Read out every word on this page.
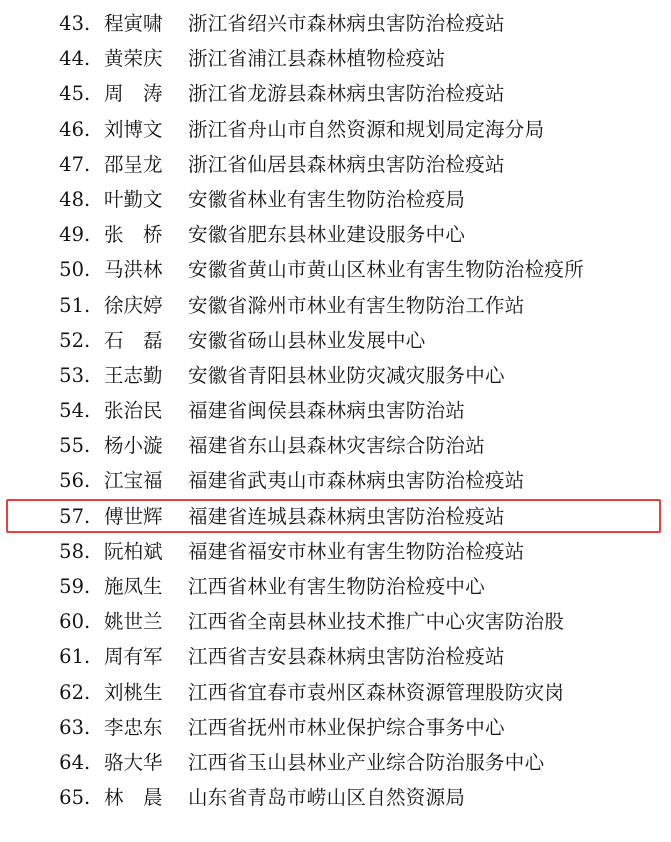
43 . 程寅啸	浙江省绍兴市森林病虫害防治检疫站
44 . 黄荣庆	浙江省浦江县森林植物检疫站
45 . 周　涛	浙江省龙游县森林病虫害防治检疫站
46 . 刘博文	浙江省舟山市自然资源和规划局定海分局
47 . 邵呈龙	浙江省仙居县森林病虫害防治检疫站
48 . 叶勤文	安徽省林业有害生物防治检疫局
49 . 张　桥	安徽省肥东县林业建设服务中心
50 . 马洪林	安徽省黄山市黄山区林业有害生物防治检疫所
51 . 徐庆婷	安徽省滁州市林业有害生物防治工作站
52 . 石　磊	安徽省砀山县林业发展中心
53 . 王志勤	安徽省青阳县林业防灾减灾服务中心
54 . 张治民	福建省闽侯县森林病虫害防治站
55 . 杨小漩	福建省东山县森林灾害综合防治站
56 . 江宝福	福建省武夷山市森林病虫害防治检疫站
57 . 傅世辉	福建省连城县森林病虫害防治检疫站
58 . 阮柏斌	福建省福安市林业有害生物防治检疫站
59 . 施凤生	江西省林业有害生物防治检疫中心
60 . 姚世兰	江西省全南县林业技术推广中心灾害防治股
61 . 周有军	江西省吉安县森林病虫害防治检疫站
62 . 刘桃生	江西省宜春市袁州区森林资源管理股防灾岗
63 . 李忠东	江西省抚州市林业保护综合事务中心
64 . 骆大华	江西省玉山县林业产业综合防治服务中心
65 . 林　晨	山东省青岛市崂山区自然资源局
